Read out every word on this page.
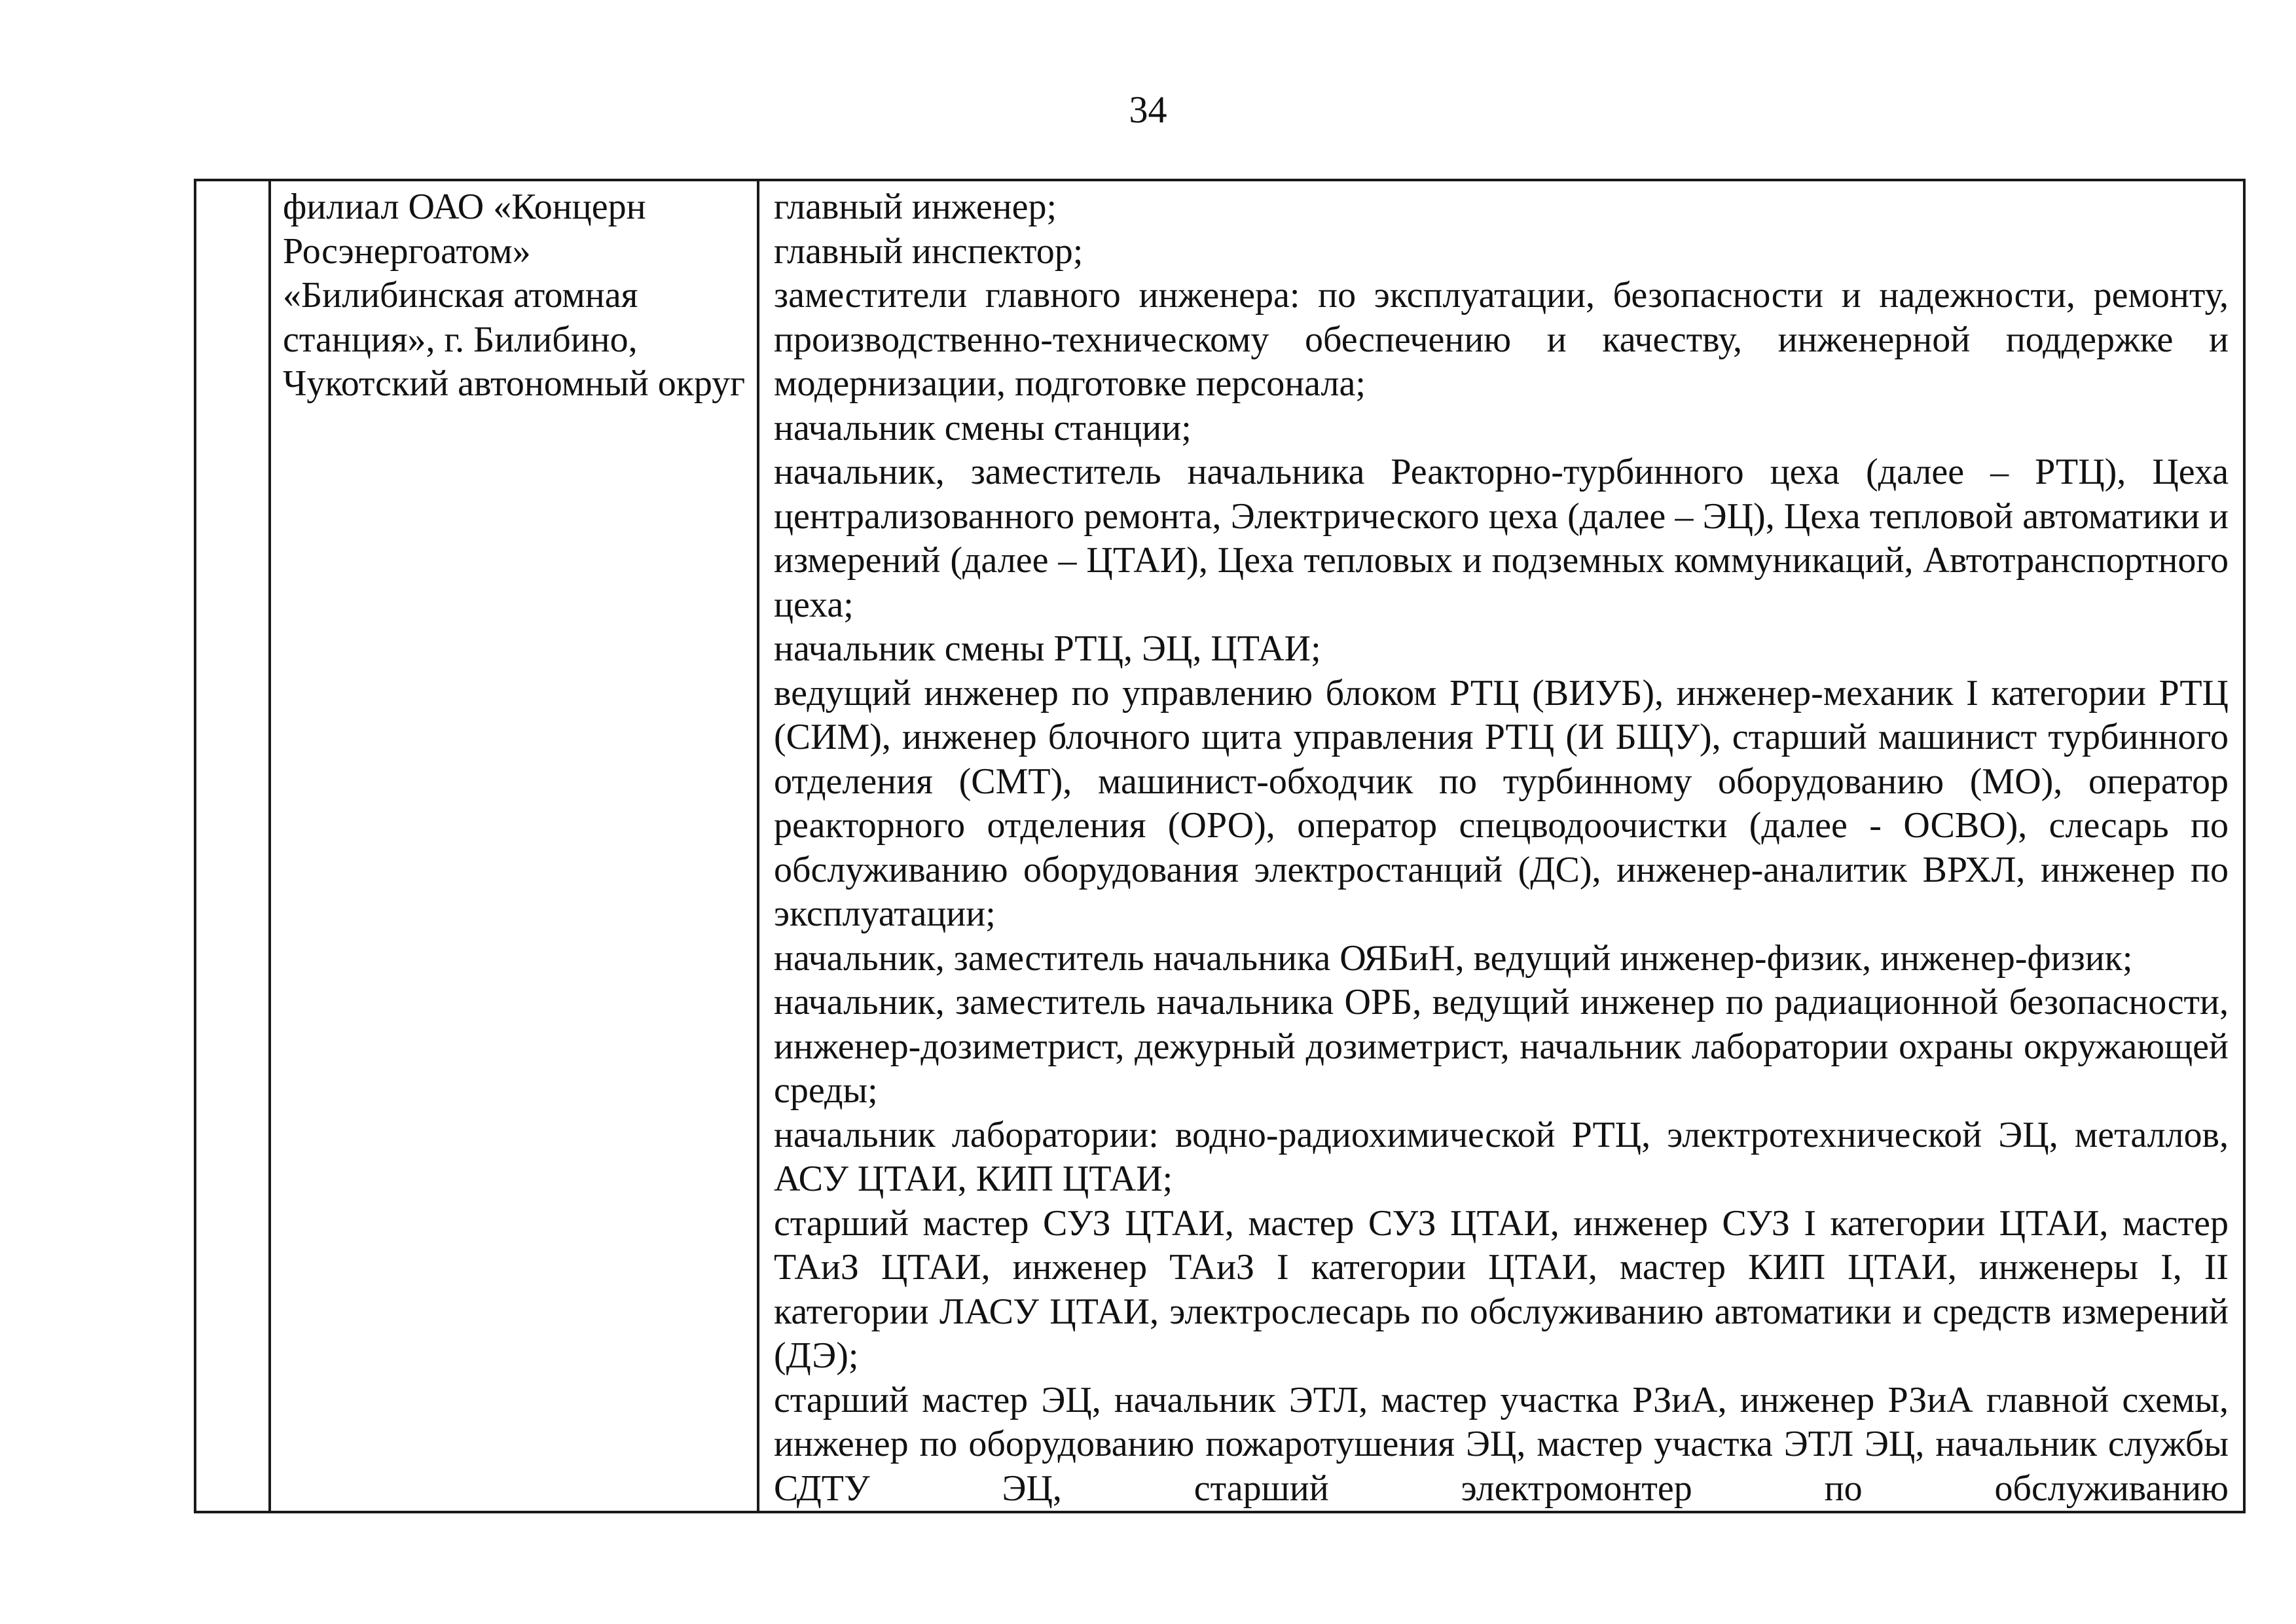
34

филиал ОАО «Концерн Росэнергоатом» «Билибинская атомная станция», г. Билибино, Чукотский автономный округ

главный инженер;
главный инспектор;
заместители главного инженера: по эксплуатации, безопасности и надежности, ремонту, производственно-техническому обеспечению и качеству, инженерной поддержке и модернизации, подготовке персонала;
начальник смены станции;
начальник, заместитель начальника Реакторно-турбинного цеха (далее – РТЦ), Цеха централизованного ремонта, Электрического цеха (далее – ЭЦ), Цеха тепловой автоматики и измерений (далее – ЦТАИ), Цеха тепловых и подземных коммуникаций, Автотранспортного цеха;
начальник смены РТЦ, ЭЦ, ЦТАИ;
ведущий инженер по управлению блоком РТЦ (ВИУБ), инженер-механик I категории РТЦ (СИМ), инженер блочного щита управления РТЦ (И БЩУ), старший машинист турбинного отделения (СМТ), машинист-обходчик по турбинному оборудованию (МО), оператор реакторного отделения (ОРО), оператор спецводоочистки (далее - ОСВО), слесарь по обслуживанию оборудования электростанций (ДС), инженер-аналитик ВРХЛ, инженер по эксплуатации;
начальник, заместитель начальника ОЯБиН, ведущий инженер-физик, инженер-физик;
начальник, заместитель начальника ОРБ, ведущий инженер по радиационной безопасности, инженер-дозиметрист, дежурный дозиметрист, начальник лаборатории охраны окружающей среды;
начальник лаборатории: водно-радиохимической РТЦ, электротехнической ЭЦ, металлов, АСУ ЦТАИ, КИП ЦТАИ;
старший мастер СУЗ ЦТАИ, мастер СУЗ ЦТАИ, инженер СУЗ I категории ЦТАИ, мастер ТАиЗ ЦТАИ, инженер ТАиЗ I категории ЦТАИ, мастер КИП ЦТАИ, инженеры I, II категории ЛАСУ ЦТАИ, электрослесарь по обслуживанию автоматики и средств измерений (ДЭ);
старший мастер ЭЦ, начальник ЭТЛ, мастер участка РЗиА, инженер РЗиА главной схемы, инженер по оборудованию пожаротушения ЭЦ, мастер участка ЭТЛ ЭЦ, начальник службы СДТУ ЭЦ, старший электромонтер по обслуживанию
